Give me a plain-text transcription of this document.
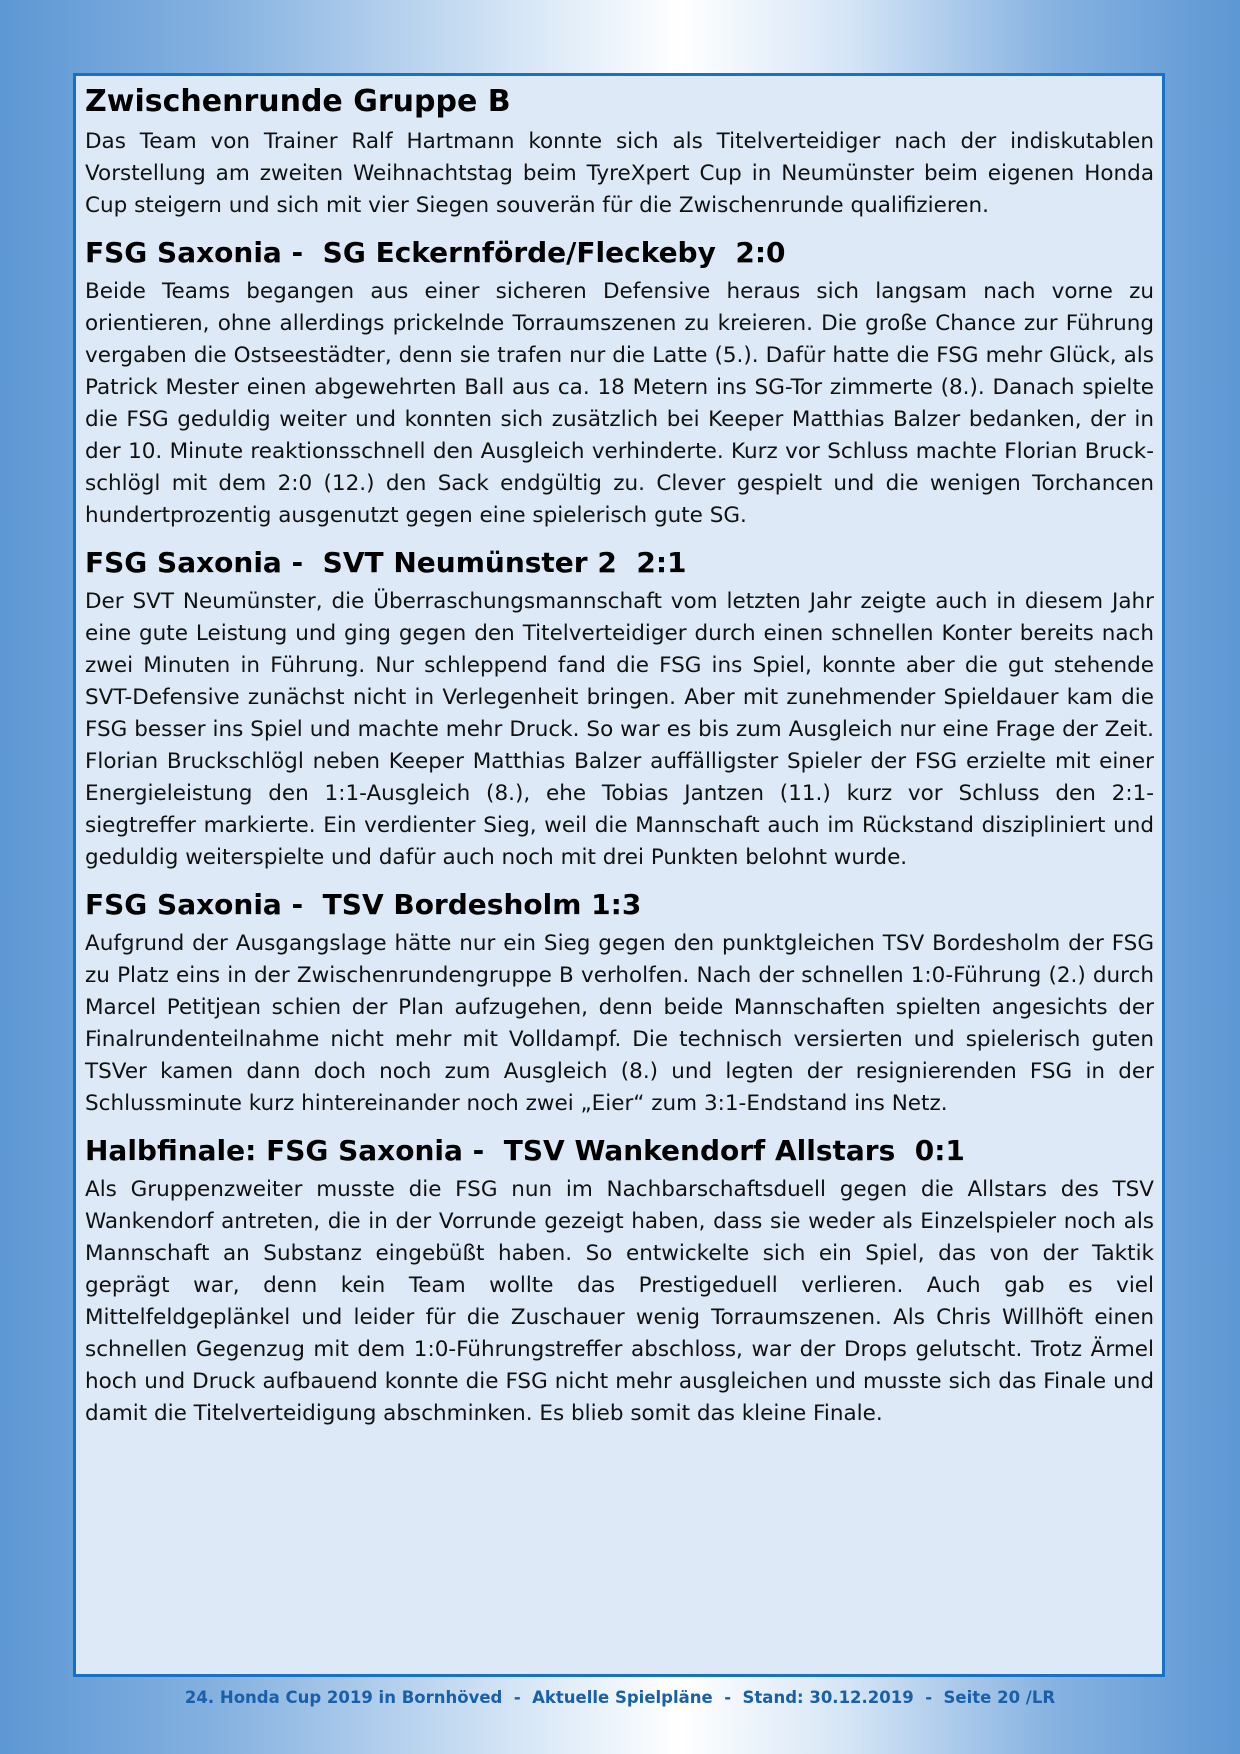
Zwischenrunde Gruppe B

Das Team von Trainer Ralf Hartmann konnte sich als Titelverteidiger nach der indiskutablen Vorstellung am zweiten Weihnachtstag beim TyreXpert Cup in Neumünster beim eigenen Honda Cup steigern und sich mit vier Siegen souverän für die Zwischenrunde qualifizieren.

FSG Saxonia -  SG Eckernförde/Fleckeby  2:0

Beide Teams begangen aus einer sicheren Defensive heraus sich langsam nach vorne zu orientieren, ohne allerdings prickelnde Torraumszenen zu kreieren. Die große Chance zur Führung vergaben die Ostseestädter, denn sie trafen nur die Latte (5.). Dafür hatte die FSG mehr Glück, als Patrick Mester einen abgewehrten Ball aus ca. 18 Metern ins SG-Tor zimmerte (8.). Danach spielte die FSG geduldig weiter und konnten sich zusätzlich bei Keeper Matthias Balzer bedanken, der in der 10. Minute reaktionsschnell den Ausgleich verhinderte. Kurz vor Schluss machte Florian Bruckschlögl mit dem 2:0 (12.) den Sack endgültig zu. Clever gespielt und die wenigen Torchancen hundertprozentig ausgenutzt gegen eine spielerisch gute SG.

FSG Saxonia -  SVT Neumünster 2  2:1

Der SVT Neumünster, die Überraschungsmannschaft vom letzten Jahr zeigte auch in diesem Jahr eine gute Leistung und ging gegen den Titelverteidiger durch einen schnellen Konter bereits nach zwei Minuten in Führung. Nur schleppend fand die FSG ins Spiel, konnte aber die gut stehende SVT-Defensive zunächst nicht in Verlegenheit bringen. Aber mit zunehmender Spieldauer kam die FSG besser ins Spiel und machte mehr Druck. So war es bis zum Ausgleich nur eine Frage der Zeit. Florian Bruckschlögl neben Keeper Matthias Balzer auffälligster Spieler der FSG erzielte mit einer Energieleistung den 1:1-Ausgleich (8.), ehe Tobias Jantzen (11.) kurz vor Schluss den 2:1-siegtreffer markierte. Ein verdienter Sieg, weil die Mannschaft auch im Rückstand diszipliniert und geduldig weiterspielte und dafür auch noch mit drei Punkten belohnt wurde.

FSG Saxonia -  TSV Bordesholm 1:3

Aufgrund der Ausgangslage hätte nur ein Sieg gegen den punktgleichen TSV Bordesholm der FSG zu Platz eins in der Zwischenrundengruppe B verholfen. Nach der schnellen 1:0-Führung (2.) durch Marcel Petitjean schien der Plan aufzugehen, denn beide Mannschaften spielten angesichts der Finalrundenteilnahme nicht mehr mit Volldampf. Die technisch versierten und spielerisch guten TSVer kamen dann doch noch zum Ausgleich (8.) und legten der resignierenden FSG in der Schlussminute kurz hintereinander noch zwei „Eier“ zum 3:1-Endstand ins Netz.

Halbfinale: FSG Saxonia -  TSV Wankendorf Allstars  0:1

Als Gruppenzweiter musste die FSG nun im Nachbarschaftsduell gegen die Allstars des TSV Wankendorf antreten, die in der Vorrunde gezeigt haben, dass sie weder als Einzelspieler noch als Mannschaft an Substanz eingebüßt haben. So entwickelte sich ein Spiel, das von der Taktik geprägt war, denn kein Team wollte das Prestigeduell verlieren. Auch gab es viel Mittelfeldgeplänkel und leider für die Zuschauer wenig Torraumszenen. Als Chris Willhöft einen schnellen Gegenzug mit dem 1:0-Führungstreffer abschloss, war der Drops gelutscht. Trotz Ärmel hoch und Druck aufbauend konnte die FSG nicht mehr ausgleichen und musste sich das Finale und damit die Titelverteidigung abschminken. Es blieb somit das kleine Finale.

24. Honda Cup 2019 in Bornhöved  -  Aktuelle Spielpläne  -  Stand: 30.12.2019  -  Seite 20 /LR
